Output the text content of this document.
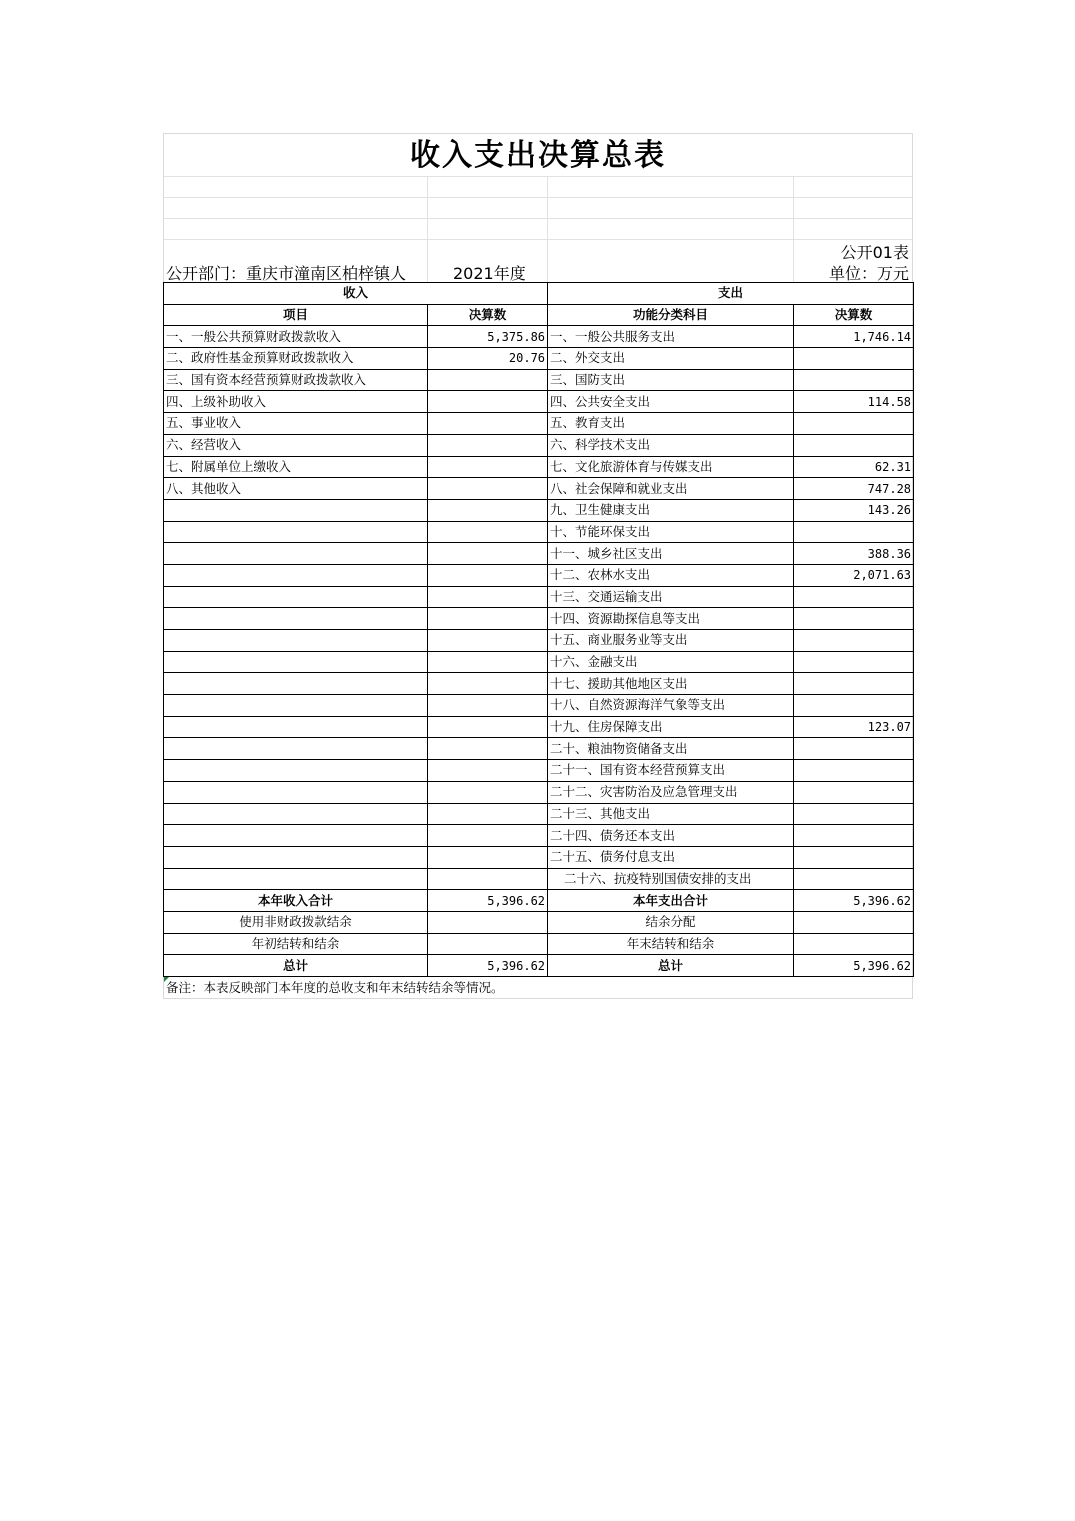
收入支出决算总表
公开01表
公开部门：重庆市潼南区柏梓镇人	2021年度	单位：万元
收入		支出	
项目	决算数	功能分类科目	决算数
一、一般公共预算财政拨款收入	5,375.86	一、一般公共服务支出	1,746.14
二、政府性基金预算财政拨款收入	20.76	二、外交支出	
三、国有资本经营预算财政拨款收入		三、国防支出	
四、上级补助收入		四、公共安全支出	114.58
五、事业收入		五、教育支出	
六、经营收入		六、科学技术支出	
七、附属单位上缴收入		七、文化旅游体育与传媒支出	62.31
八、其他收入		八、社会保障和就业支出	747.28
		九、卫生健康支出	143.26
		十、节能环保支出	
		十一、城乡社区支出	388.36
		十二、农林水支出	2,071.63
		十三、交通运输支出	
		十四、资源勘探信息等支出	
		十五、商业服务业等支出	
		十六、金融支出	
		十七、援助其他地区支出	
		十八、自然资源海洋气象等支出	
		十九、住房保障支出	123.07
		二十、粮油物资储备支出	
		二十一、国有资本经营预算支出	
		二十二、灾害防治及应急管理支出	
		二十三、其他支出	
		二十四、债务还本支出	
		二十五、债务付息支出	
		二十六、抗疫特别国债安排的支出	
本年收入合计	5,396.62	本年支出合计	5,396.62
使用非财政拨款结余		结余分配	
年初结转和结余		年末结转和结余	
总计	5,396.62	总计	5,396.62
备注：本表反映部门本年度的总收支和年末结转结余等情况。
